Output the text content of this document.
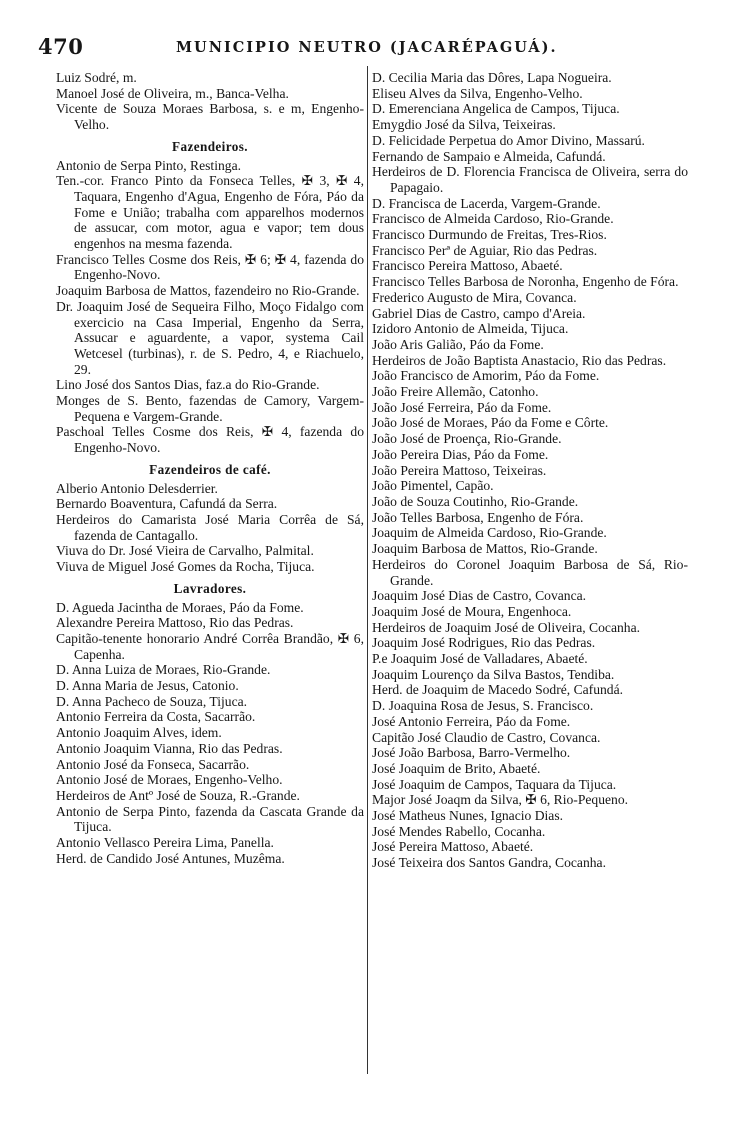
470	MUNICIPIO NEUTRO (JACARÉPAGUÁ).
Luiz Sodré, m.
Manoel José de Oliveira, m., Banca-Velha.
Vicente de Souza Moraes Barbosa, s. e m, Engenho-Velho.
Fazendeiros.
Antonio de Serpa Pinto, Restinga.
Ten.-cor. Franco Pinto da Fonseca Telles, ✠ 3, ✠ 4, Taquara, Engenho d'Agua, Engenho de Fóra, Páo da Fome e União; trabalha com apparelhos modernos de assucar, com motor, agua e vapor; tem dous engenhos na mesma fazenda.
Francisco Telles Cosme dos Reis, ✠ 6; ✠ 4, fazenda do Engenho-Novo.
Joaquim Barbosa de Mattos, fazendeiro no Rio-Grande.
Dr. Joaquim José de Sequeira Filho, Moço Fidalgo com exercicio na Casa Imperial, Engenho da Serra, Assucar e aguardente, a vapor, systema Cail Wetcesel (turbinas), r. de S. Pedro, 4, e Riachuelo, 29.
Lino José dos Santos Dias, faz.a do Rio-Grande.
Monges de S. Bento, fazendas de Camory, Vargem-Pequena e Vargem-Grande.
Paschoal Telles Cosme dos Reis, ✠ 4, fazenda do Engenho-Novo.
Fazendeiros de café.
Alberio Antonio Delesderrier.
Bernardo Boaventura, Cafundá da Serra.
Herdeiros do Camarista José Maria Corrêa de Sá, fazenda de Cantagallo.
Viuva do Dr. José Vieira de Carvalho, Palmital.
Viuva de Miguel José Gomes da Rocha, Tijuca.
Lavradores.
D. Agueda Jacintha de Moraes, Páo da Fome.
Alexandre Pereira Mattoso, Rio das Pedras.
Capitão-tenente honorario André Corrêa Brandão, ✠ 6, Capenha.
D. Anna Luiza de Moraes, Rio-Grande.
D. Anna Maria de Jesus, Catonio.
D. Anna Pacheco de Souza, Tijuca.
Antonio Ferreira da Costa, Sacarrão.
Antonio Joaquim Alves, idem.
Antonio Joaquim Vianna, Rio das Pedras.
Antonio José da Fonseca, Sacarrão.
Antonio José de Moraes, Engenho-Velho.
Herdeiros de Antº José de Souza, R.-Grande.
Antonio de Serpa Pinto, fazenda da Cascata Grande da Tijuca.
Antonio Vellasco Pereira Lima, Panella.
Herd. de Candido José Antunes, Muzêma.
D. Cecilia Maria das Dôres, Lapa Nogueira.
Eliseu Alves da Silva, Engenho-Velho.
D. Emerenciana Angelica de Campos, Tijuca.
Emygdio José da Silva, Teixeiras.
D. Felicidade Perpetua do Amor Divino, Massarú.
Fernando de Sampaio e Almeida, Cafundá.
Herdeiros de D. Florencia Francisca de Oliveira, serra do Papagaio.
D. Francisca de Lacerda, Vargem-Grande.
Francisco de Almeida Cardoso, Rio-Grande.
Francisco Durmundo de Freitas, Tres-Rios.
Francisco Perª de Aguiar, Rio das Pedras.
Francisco Pereira Mattoso, Abaeté.
Francisco Telles Barbosa de Noronha, Engenho de Fóra.
Frederico Augusto de Mira, Covanca.
Gabriel Dias de Castro, campo d'Areia.
Izidoro Antonio de Almeida, Tijuca.
João Aris Galião, Páo da Fome.
Herdeiros de João Baptista Anastacio, Rio das Pedras.
João Francisco de Amorim, Páo da Fome.
João Freire Allemão, Catonho.
João José Ferreira, Páo da Fome.
João José de Moraes, Páo da Fome e Côrte.
João José de Proença, Rio-Grande.
João Pereira Dias, Páo da Fome.
João Pereira Mattoso, Teixeiras.
João Pimentel, Capão.
João de Souza Coutinho, Rio-Grande.
João Telles Barbosa, Engenho de Fóra.
Joaquim de Almeida Cardoso, Rio-Grande.
Joaquim Barbosa de Mattos, Rio-Grande.
Herdeiros do Coronel Joaquim Barbosa de Sá, Rio-Grande.
Joaquim José Dias de Castro, Covanca.
Joaquim José de Moura, Engenhoca.
Herdeiros de Joaquim José de Oliveira, Cocanha.
Joaquim José Rodrigues, Rio das Pedras.
P.e Joaquim José de Valladares, Abaeté.
Joaquim Lourenço da Silva Bastos, Tendiba.
Herd. de Joaquim de Macedo Sodré, Cafundá.
D. Joaquina Rosa de Jesus, S. Francisco.
José Antonio Ferreira, Páo da Fome.
Capitão José Claudio de Castro, Covanca.
José João Barbosa, Barro-Vermelho.
José Joaquim de Brito, Abaeté.
José Joaquim de Campos, Taquara da Tijuca.
Major José Joaqm da Silva, ✠ 6, Rio-Pequeno.
José Matheus Nunes, Ignacio Dias.
José Mendes Rabello, Cocanha.
José Pereira Mattoso, Abaeté.
José Teixeira dos Santos Gandra, Cocanha.
